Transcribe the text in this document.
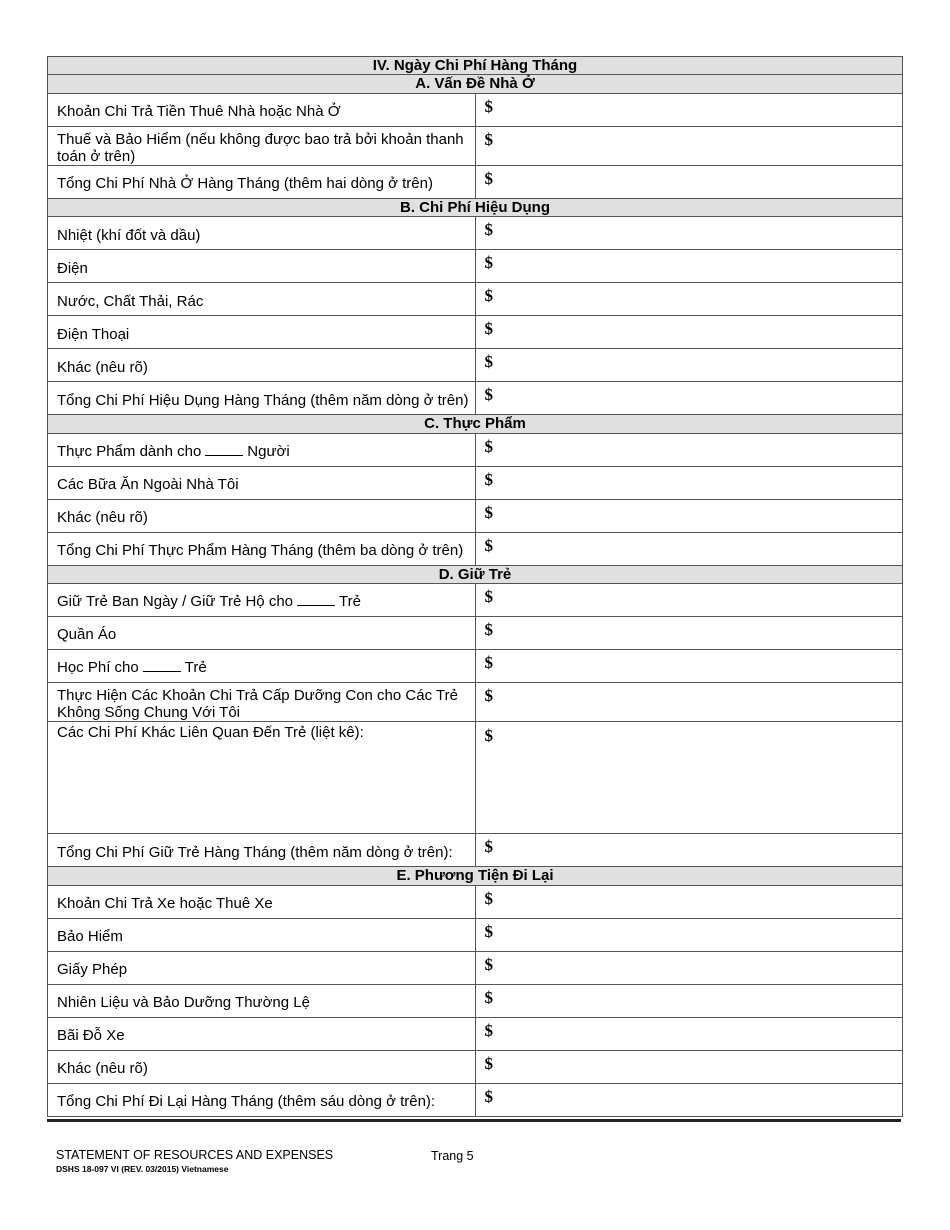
IV. Ngày Chi Phí Hàng Tháng	
A. Vấn Đề Nhà Ở	
Khoản Chi Trả Tiền Thuê Nhà hoặc Nhà Ở	$
Thuế và Bảo Hiểm (nếu không được bao trả bởi khoản thanh toán ở trên)	$
Tổng Chi Phí Nhà Ở Hàng Tháng (thêm hai dòng ở trên)	$
B. Chi Phí Hiệu Dụng	
Nhiệt (khí đốt và dầu)	$
Điện	$
Nước, Chất Thải, Rác	$
Điện Thoại	$
Khác (nêu rõ)	$
Tổng Chi Phí Hiệu Dụng Hàng Tháng (thêm năm dòng ở trên)	$
C. Thực Phẩm	
Thực Phẩm dành cho Người	$
Các Bữa Ăn Ngoài Nhà Tôi	$
Khác (nêu rõ)	$
Tổng Chi Phí Thực Phẩm Hàng Tháng (thêm ba dòng ở trên)	$
D. Giữ Trẻ	
Giữ Trẻ Ban Ngày / Giữ Trẻ Hộ cho Trẻ	$
Quần Áo	$
Học Phí cho Trẻ	$
Thực Hiện Các Khoản Chi Trả Cấp Dưỡng Con cho Các Trẻ Không Sống Chung Với Tôi	$
Các Chi Phí Khác Liên Quan Đến Trẻ (liệt kê):	$
Tổng Chi Phí Giữ Trẻ Hàng Tháng (thêm năm dòng ở trên):	$
E. Phương Tiện Đi Lại	
Khoản Chi Trả Xe hoặc Thuê Xe	$
Bảo Hiểm	$
Giấy Phép	$
Nhiên Liệu và Bảo Dưỡng Thường Lệ	$
Bãi Đỗ Xe	$
Khác (nêu rõ)	$
Tổng Chi Phí Đi Lại Hàng Tháng (thêm sáu dòng ở trên):	$
STATEMENT OF RESOURCES AND EXPENSES
DSHS 18-097 VI (REV. 03/2015) Vietnamese
Trang 5
